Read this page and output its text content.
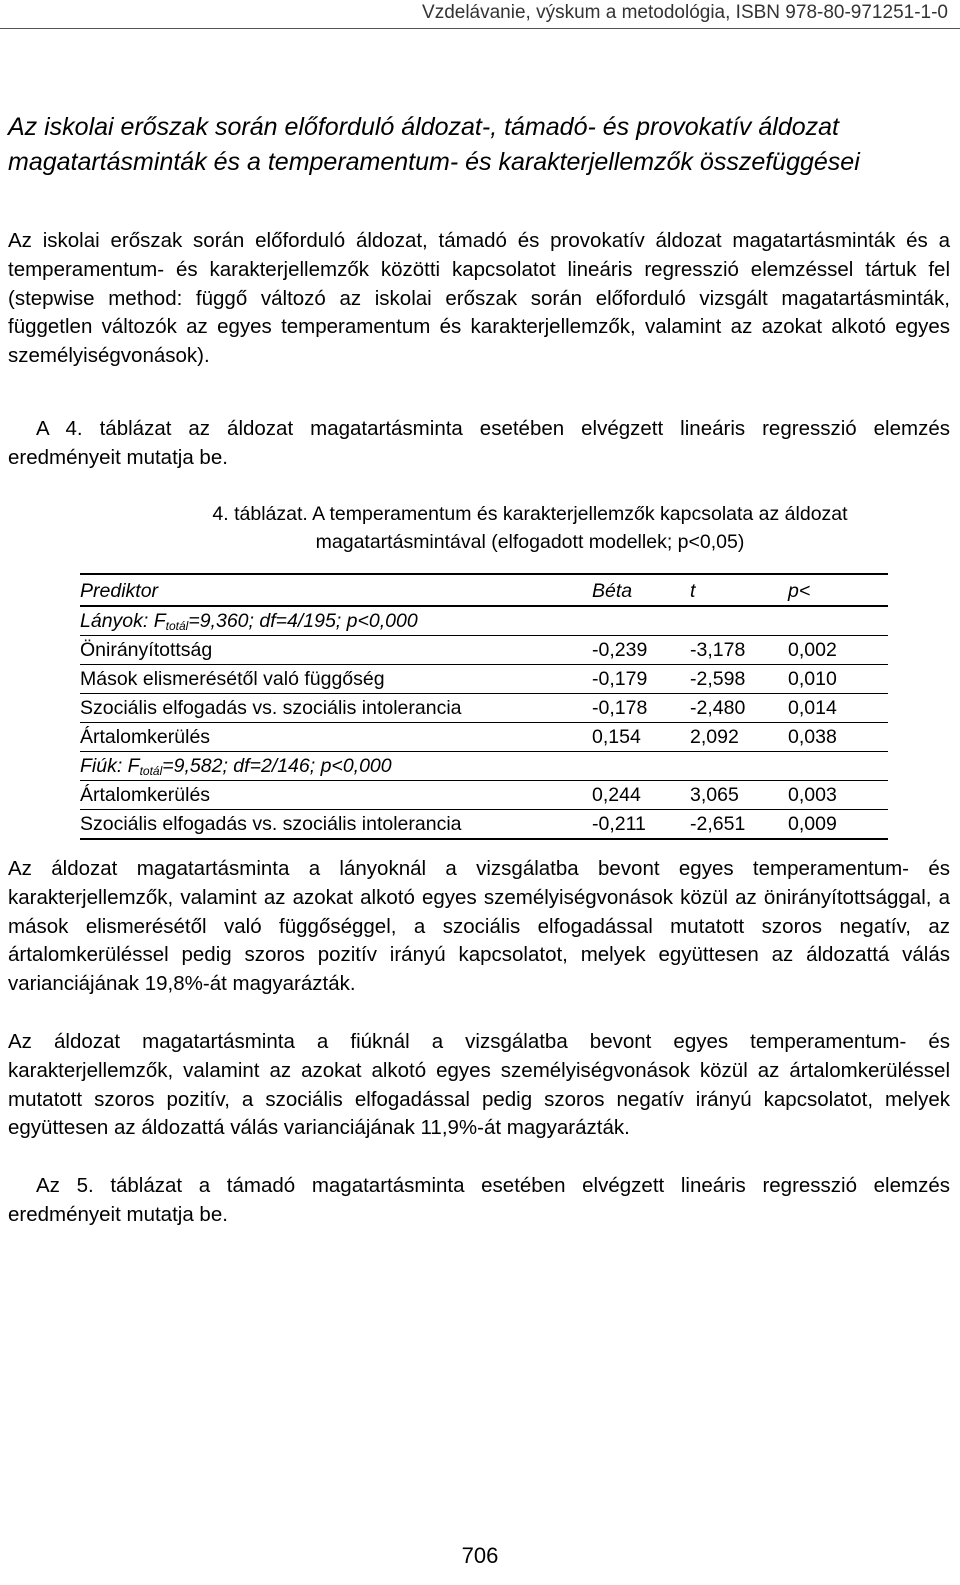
Vzdelávanie, výskum a metodológia, ISBN 978-80-971251-1-0
Az iskolai erőszak során előforduló áldozat-, támadó- és provokatív áldozat magatartásminták és a temperamentum- és karakterjellemzők összefüggései
Az iskolai erőszak során előforduló áldozat, támadó és provokatív áldozat magatartásminták és a temperamentum- és karakterjellemzők közötti kapcsolatot lineáris regresszió elemzéssel tártuk fel (stepwise method: függő változó az iskolai erőszak során előforduló vizsgált magatartásminták, független változók az egyes temperamentum és karakterjellemzők, valamint az azokat alkotó egyes személyiségvonások).
A 4. táblázat az áldozat magatartásminta esetében elvégzett lineáris regresszió elemzés eredményeit mutatja be.
4. táblázat. A temperamentum és karakterjellemzők kapcsolata az áldozat magatartásmintával (elfogadott modellek; p<0,05)
Prediktor	Béta	t	p<
Lányok: $F_{totál}=9,360$; df=4/195; p<0,000			
Önirányítottság	-0,239	-3,178	0,002
Mások elismerésétől való függőség	-0,179	-2,598	0,010
Szociális elfogadás vs. szociális intolerancia	-0,178	-2,480	0,014
Ártalomkerülés	0,154	2,092	0,038
Fiúk: $F_{totál}=9,582$; df=2/146; p<0,000			
Ártalomkerülés	0,244	3,065	0,003
Szociális elfogadás vs. szociális intolerancia	-0,211	-2,651	0,009
Az áldozat magatartásminta a lányoknál a vizsgálatba bevont egyes temperamentum- és karakterjellemzők, valamint az azokat alkotó egyes személyiségvonások közül az önirányítottsággal, a mások elismerésétől való függőséggel, a szociális elfogadással mutatott szoros negatív, az ártalomkerüléssel pedig szoros pozitív irányú kapcsolatot, melyek együttesen az áldozattá válás varianciájának 19,8%-át magyarázták.
Az áldozat magatartásminta a fiúknál a vizsgálatba bevont egyes temperamentum- és karakterjellemzők, valamint az azokat alkotó egyes személyiségvonások közül az ártalomkerüléssel mutatott szoros pozitív, a szociális elfogadással pedig szoros negatív irányú kapcsolatot, melyek együttesen az áldozattá válás varianciájának 11,9%-át magyarázták.
Az 5. táblázat a támadó magatartásminta esetében elvégzett lineáris regresszió elemzés eredményeit mutatja be.
706
